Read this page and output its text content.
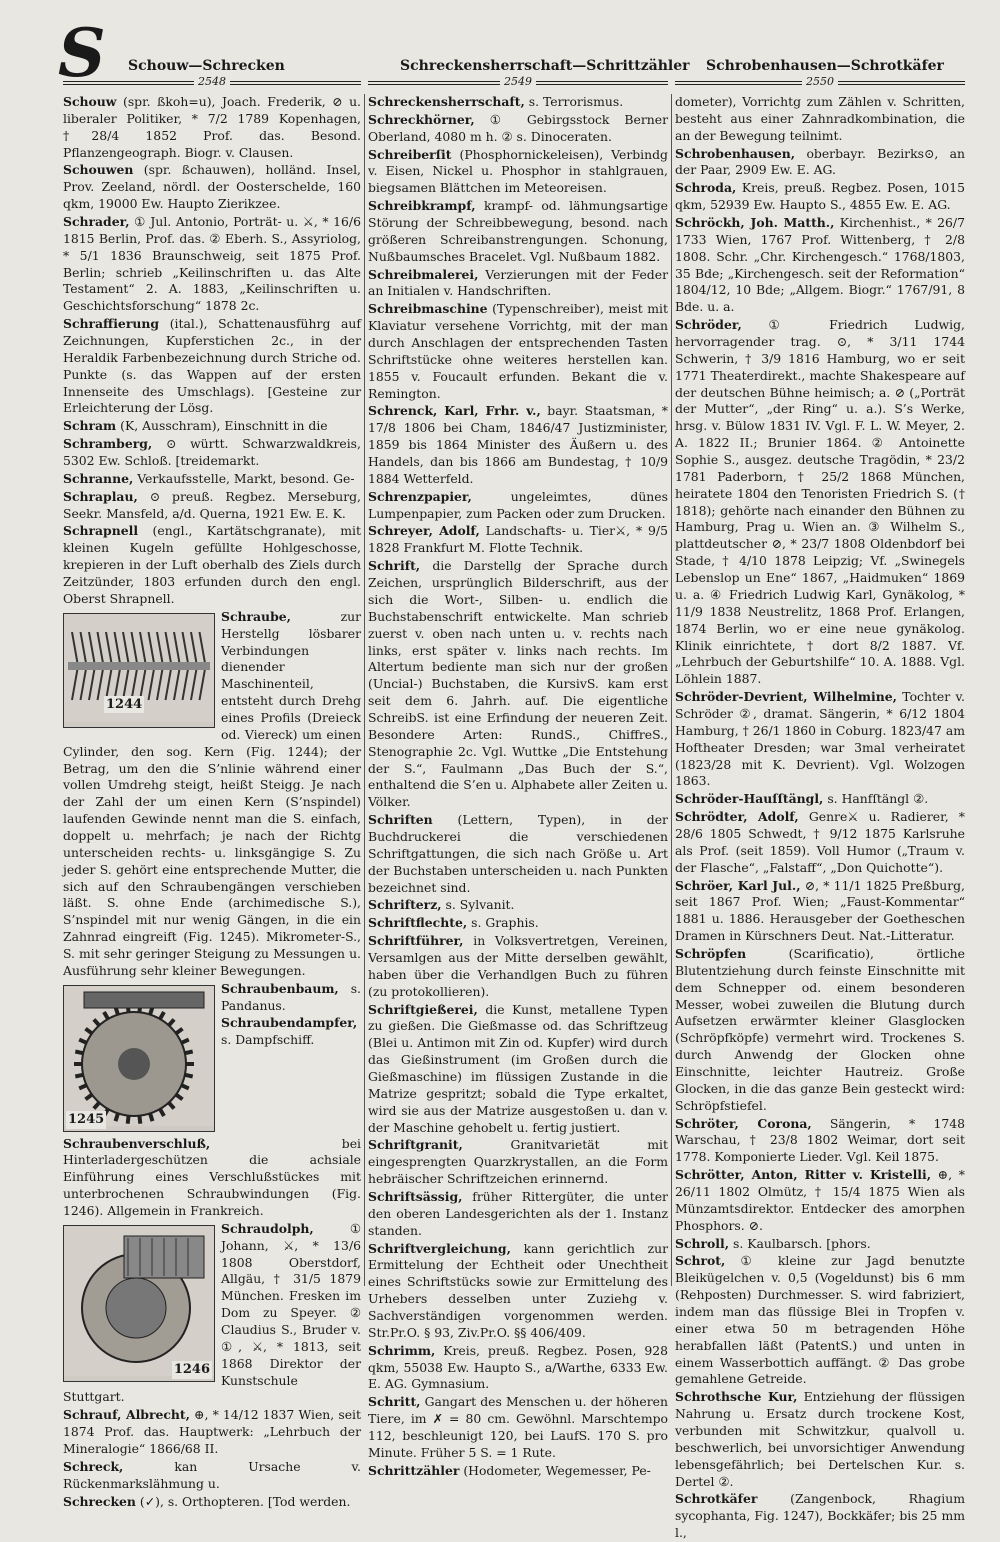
S Schouw—Schrecken	Schreckensherrschaft—Schrittzähler Schrobenhausen—Schrotkäfer
2548	2549	2550
Schouw (spr. ßkoh=u), Joach. Frederik, ⊘ u. liberaler Politiker, * 7/2 1789 Kopenhagen, †28/4 1852 Prof. das. Besond. Pflanzengeograph. Biogr. v. Clausen.
Schouwen (spr. ßchauwen), holländ. Insel, Prov. Zeeland, nördl. der Oosterschelde, 160 qkm, 19000 Ew. Haupto Zierikzee.
Schrader, ① Jul. Antonio, Porträt- u. ⚔, * 16/6 1815 Berlin, Prof. das. ② Eberh. S., Assyriolog, * 5/1 1836 Braunschweig, seit 1875 Prof. Berlin; schrieb „Keilinschriften u. das Alte Testament“ 2. A. 1883, „Keilinschriften u. Geschichtsforschung“ 1878 2c.
Schraffierung (ital.), Schattenausführg auf Zeichnungen, Kupferstichen 2c., in der Heraldik Farbenbezeichnung durch Striche od. Punkte (s. das Wappen auf der ersten Innenseite des Umschlags). [Gesteine zur Erleichterung der Lösg.
Schram (K, Ausschram), Einschnitt in die
Schramberg, ⊙ württ. Schwarzwaldkreis, 5302 Ew. Schloß. [treidemarkt.
Schranne, Verkaufsstelle, Markt, besond. Ge-
Schraplau, ⊙ preuß. Regbez. Merseburg, Seekr. Mansfeld, a/d. Querna, 1921 Ew. E. K.
Schrapnell (engl., Kartätschgranate), mit kleinen Kugeln gefüllte Hohlgeschosse, krepieren in der Luft oberhalb des Ziels durch Zeitzünder, 1803 erfunden durch den engl. Oberst Shrapnell.
1244
Schraube,	zur Herstellg lösbarer Verbindungen dienender Maschinenteil, entsteht durch Drehg eines Profils (Dreieck od. Viereck) um einen Cylinder, den sog. Kern (Fig. 1244); der Betrag, um den die S’nlinie während einer vollen Umdrehg steigt, heißt Steigg. Je nach der Zahl der um einen Kern (S’nspindel) laufenden Gewinde nennt man die S. einfach, doppelt u. mehrfach; je nach der Richtg unterscheiden rechts- u. linksgängige S. Zu jeder S. gehört eine entsprechende Mutter, die sich auf den Schraubengängen verschieben läßt. S. ohne Ende (archimedische S.), S’nspindel mit nur wenig Gängen, in die ein Zahnrad eingreift (Fig. 1245). Mikrometer-S., S. mit sehr geringer Steigung zu Messungen u. Ausführung sehr kleiner Bewegungen.
1245
Schraubenbaum, s. Pandanus.
Schraubendampfer, s. Dampfschiff.
Schraubenverschluß,	bei Hinterladergeschützen die achsiale Einführung eines Verschlußstückes mit unterbrochenen Schraubwindungen (Fig. 1246). Allgemein in Frankreich.
1246
Schraudolph,	① Johann, ⚔, * 13/6 1808 Oberstdorf, Allgäu, † 31/5 1879 München. Fresken im Dom zu Speyer. ② Claudius S., Bruder v. ①, ⚔, * 1813, seit 1868 Direktor der Kunstschule Stuttgart.
Schrauf, Albrecht, ⊕, * 14/12 1837 Wien, seit 1874 Prof. das. Hauptwerk: „Lehrbuch der Mineralogie“ 1866/68 II.
Schreck,	kan Ursache v. Rückenmarkslähmung u.
Schrecken (✓), s. Orthopteren. [Tod werden.
Schreckensherrschaft, s. Terrorismus.
Schreckhörner, ① Gebirgsstock Berner Oberland, 4080 m h. ② s. Dinoceraten.
Schreiberſit (Phosphornickeleisen), Verbindg v. Eisen, Nickel u. Phosphor in stahlgrauen, biegsamen Blättchen im Meteoreisen.
Schreibkrampf, krampf- od. lähmungsartige Störung der Schreibbewegung, besond. nach größeren Schreibanstrengungen. Schonung, Nußbaumsches Bracelet. Vgl. Nußbaum 1882.
Schreibmalerei, Verzierungen mit der Feder an Initialen v. Handschriften.
Schreibmaschine (Typenschreiber), meist mit Klaviatur versehene Vorrichtg, mit der man durch Anschlagen der entsprechenden Tasten Schriftstücke ohne weiteres herstellen kan. 1855 v. Foucault erfunden. Bekant die v. Remington.
Schrenck, Karl, Frhr. v., bayr. Staatsman, * 17/8 1806 bei Cham, 1846/47 Justizminister, 1859 bis 1864 Minister des Äußern u. des Handels, dan bis 1866 am Bundestag, † 10/9 1884 Wetterfeld.
Schrenzpapier,	ungeleimtes, dünes Lumpenpapier, zum Packen oder zum Drucken.
Schreyer, Adolf, Landschafts- u. Tier⚔, * 9/5 1828 Frankfurt M. Flotte Technik.
Schrift, die Darstellg der Sprache durch Zeichen, ursprünglich Bilderschrift, aus der sich die Wort-, Silben- u. endlich die Buchstabenschrift entwickelte. Man schrieb zuerst v. oben nach unten u. v. rechts nach links, erst später v. links nach rechts. Im Altertum bediente man sich nur der großen (Uncial-) Buchstaben, die KursivS. kam erst seit dem 6. Jahrh. auf. Die eigentliche SchreibS. ist eine Erfindung der neueren Zeit. Besondere Arten: RundS., ChiffreS., Stenographie 2c. Vgl. Wuttke „Die Entstehung der S.“, Faulmann „Das Buch der S.“, enthaltend die S’en u. Alphabete aller Zeiten u. Völker.
Schriften (Lettern, Typen), in der Buchdruckerei die verschiedenen Schriftgattungen, die sich nach Größe u. Art der Buchstaben unterscheiden u. nach Punkten bezeichnet sind.
Schrifterz, s. Sylvanit.
Schriftflechte, s. Graphis.
Schriftführer, in Volksvertretgen, Vereinen, Versamlgen aus der Mitte derselben gewählt, haben über die Verhandlgen Buch zu führen (zu protokollieren).
Schriftgießerei, die Kunst, metallene Typen zu gießen. Die Gießmasse od. das Schriftzeug (Blei u. Antimon mit Zin od. Kupfer) wird durch das Gießinstrument (im Großen durch die Gießmaschine) im flüssigen Zustande in die Matrize gespritzt; sobald die Type erkaltet, wird sie aus der Matrize ausgestoßen u. dan v. der Maschine gehobelt u. fertig justiert.
Schriftgranit,	Granitvarietät mit eingesprengten Quarzkrystallen, an die Form hebräischer Schriftzeichen erinnernd.
Schriftsässig, früher Rittergüter, die unter den oberen Landesgerichten als der 1. Instanz standen.
Schriftvergleichung, kann gerichtlich zur Ermittelung der Echtheit oder Unechtheit eines Schriftstücks sowie zur Ermittelung des Urhebers desselben unter Zuziehg v. Sachverständigen vorgenommen werden. Str.Pr.O. § 93, Ziv.Pr.O. §§ 406/409.
Schrimm, Kreis, preuß. Regbez. Posen, 928 qkm, 55038 Ew. Haupto S., a/Warthe, 6333 Ew. E. AG. Gymnasium.
Schritt, Gangart des Menschen u. der höheren Tiere, im ✗ = 80 cm. Gewöhnl. Marschtempo 112, beschleunigt 120, bei LaufS. 170 S. pro Minute. Früher 5 S. = 1 Rute.
Schrittzähler (Hodometer, Wegemesser, Pe-
dometer), Vorrichtg zum Zählen v. Schritten, besteht aus einer Zahnradkombination, die an der Bewegung teilnimt.
Schrobenhausen, oberbayr. Bezirks⊙, an der Paar, 2909 Ew. E. AG.
Schroda, Kreis, preuß. Regbez. Posen, 1015 qkm, 52939 Ew. Haupto S., 4855 Ew. E. AG.
Schröckh, Joh. Matth., Kirchenhist., * 26/7 1733 Wien, 1767 Prof. Wittenberg, † 2/8 1808. Schr. „Chr. Kirchengesch.“ 1768/1803, 35 Bde; „Kirchengesch. seit der Reformation“ 1804/12, 10 Bde; „Allgem. Biogr.“ 1767/91, 8 Bde. u. a.
Schröder, ① Friedrich Ludwig, hervorragender trag. ⊙, * 3/11 1744 Schwerin, † 3/9 1816 Hamburg, wo er seit 1771 Theaterdirekt., machte Shakespeare auf der deutschen Bühne heimisch; a. ⊘ („Porträt der Mutter“, „der Ring“ u. a.). S’s Werke, hrsg. v. Bülow 1831 IV. Vgl. F. L. W. Meyer, 2. A. 1822 II.; Brunier 1864. ② Antoinette Sophie S., ausgez. deutsche Tragödin, * 23/2 1781 Paderborn, † 25/2 1868 München, heiratete 1804 den Tenoristen Friedrich S. († 1818); gehörte nach einander den Bühnen zu Hamburg, Prag u. Wien an. ③ Wilhelm S., plattdeutscher ⊘, * 23/7 1808 Oldenbdorf bei Stade, † 4/10 1878 Leipzig; Vf. „Swinegels Lebenslop un Ene“ 1867, „Haidmuken“ 1869 u. a. ④ Friedrich Ludwig Karl, Gynäkolog, * 11/9 1838 Neustrelitz, 1868 Prof. Erlangen, 1874 Berlin, wo er eine neue gynäkolog. Klinik einrichtete, † dort 8/2 1887. Vf. „Lehrbuch der Geburtshilfe“ 10. A. 1888. Vgl. Löhlein 1887.
Schröder-Devrient, Wilhelmine, Tochter v. Schröder ②, dramat. Sängerin, * 6/12 1804 Hamburg, † 26/1 1860 in Coburg. 1823/47 am Hoftheater Dresden; war 3mal verheiratet (1823/28 mit K. Devrient). Vgl. Wolzogen 1863.
Schröder-Hauſſtängl, s. Hanfſtängl ②.
Schrödter, Adolf, Genre⚔ u. Radierer, * 28/6 1805 Schwedt, † 9/12 1875 Karlsruhe als Prof. (seit 1859). Voll Humor („Traum v. der Flasche“, „Falstaff“, „Don Quichotte“).
Schröer, Karl Jul., ⊘, * 11/1 1825 Preßburg, seit 1867 Prof. Wien; „Faust-Kommentar“ 1881 u. 1886. Herausgeber der Goetheschen Dramen in Kürschners Deut. Nat.-Litteratur.
Schröpfen	(Scarificatio), örtliche Blutentziehung durch feinste Einschnitte mit dem Schnepper od. einem besonderen Messer, wobei zuweilen die Blutung durch Aufsetzen erwärmter kleiner Glasglocken (Schröpfköpfe) vermehrt wird. Trockenes S. durch Anwendg der Glocken ohne Einschnitte, leichter Hautreiz. Große Glocken, in die das ganze Bein gesteckt wird: Schröpfstiefel.
Schröter, Corona, Sängerin, * 1748 Warschau, † 23/8 1802 Weimar, dort seit 1778. Komponierte Lieder. Vgl. Keil 1875.
Schrötter, Anton, Ritter v. Kristelli, ⊕, * 26/11 1802 Olmütz, † 15/4 1875 Wien als Münzamtsdirektor. Entdecker des amorphen Phosphors. ⊘.
Schroll, s. Kaulbarsch. [phors.
Schrot, ① kleine zur Jagd benutzte Bleikügelchen v. 0,5 (Vogeldunst) bis 6 mm (Rehposten) Durchmesser. S. wird fabriziert, indem man das flüssige Blei in Tropfen v. einer etwa 50 m betragenden Höhe herabfallen läßt (PatentS.) und unten in einem Wasserbottich auffängt. ② Das grobe gemahlene Getreide.
Schrothsche Kur, Entziehung der flüssigen Nahrung u. Ersatz durch trockene Kost, verbunden mit Schwitzkur, qualvoll u. beschwerlich, bei unvorsichtiger Anwendung lebensgefährlich; bei Dertelschen Kur. s. Dertel ②.
Schrotkäfer	(Zangenbock, Rhagium sycophanta, Fig. 1247), Bockkäfer; bis 25 mm l.,
